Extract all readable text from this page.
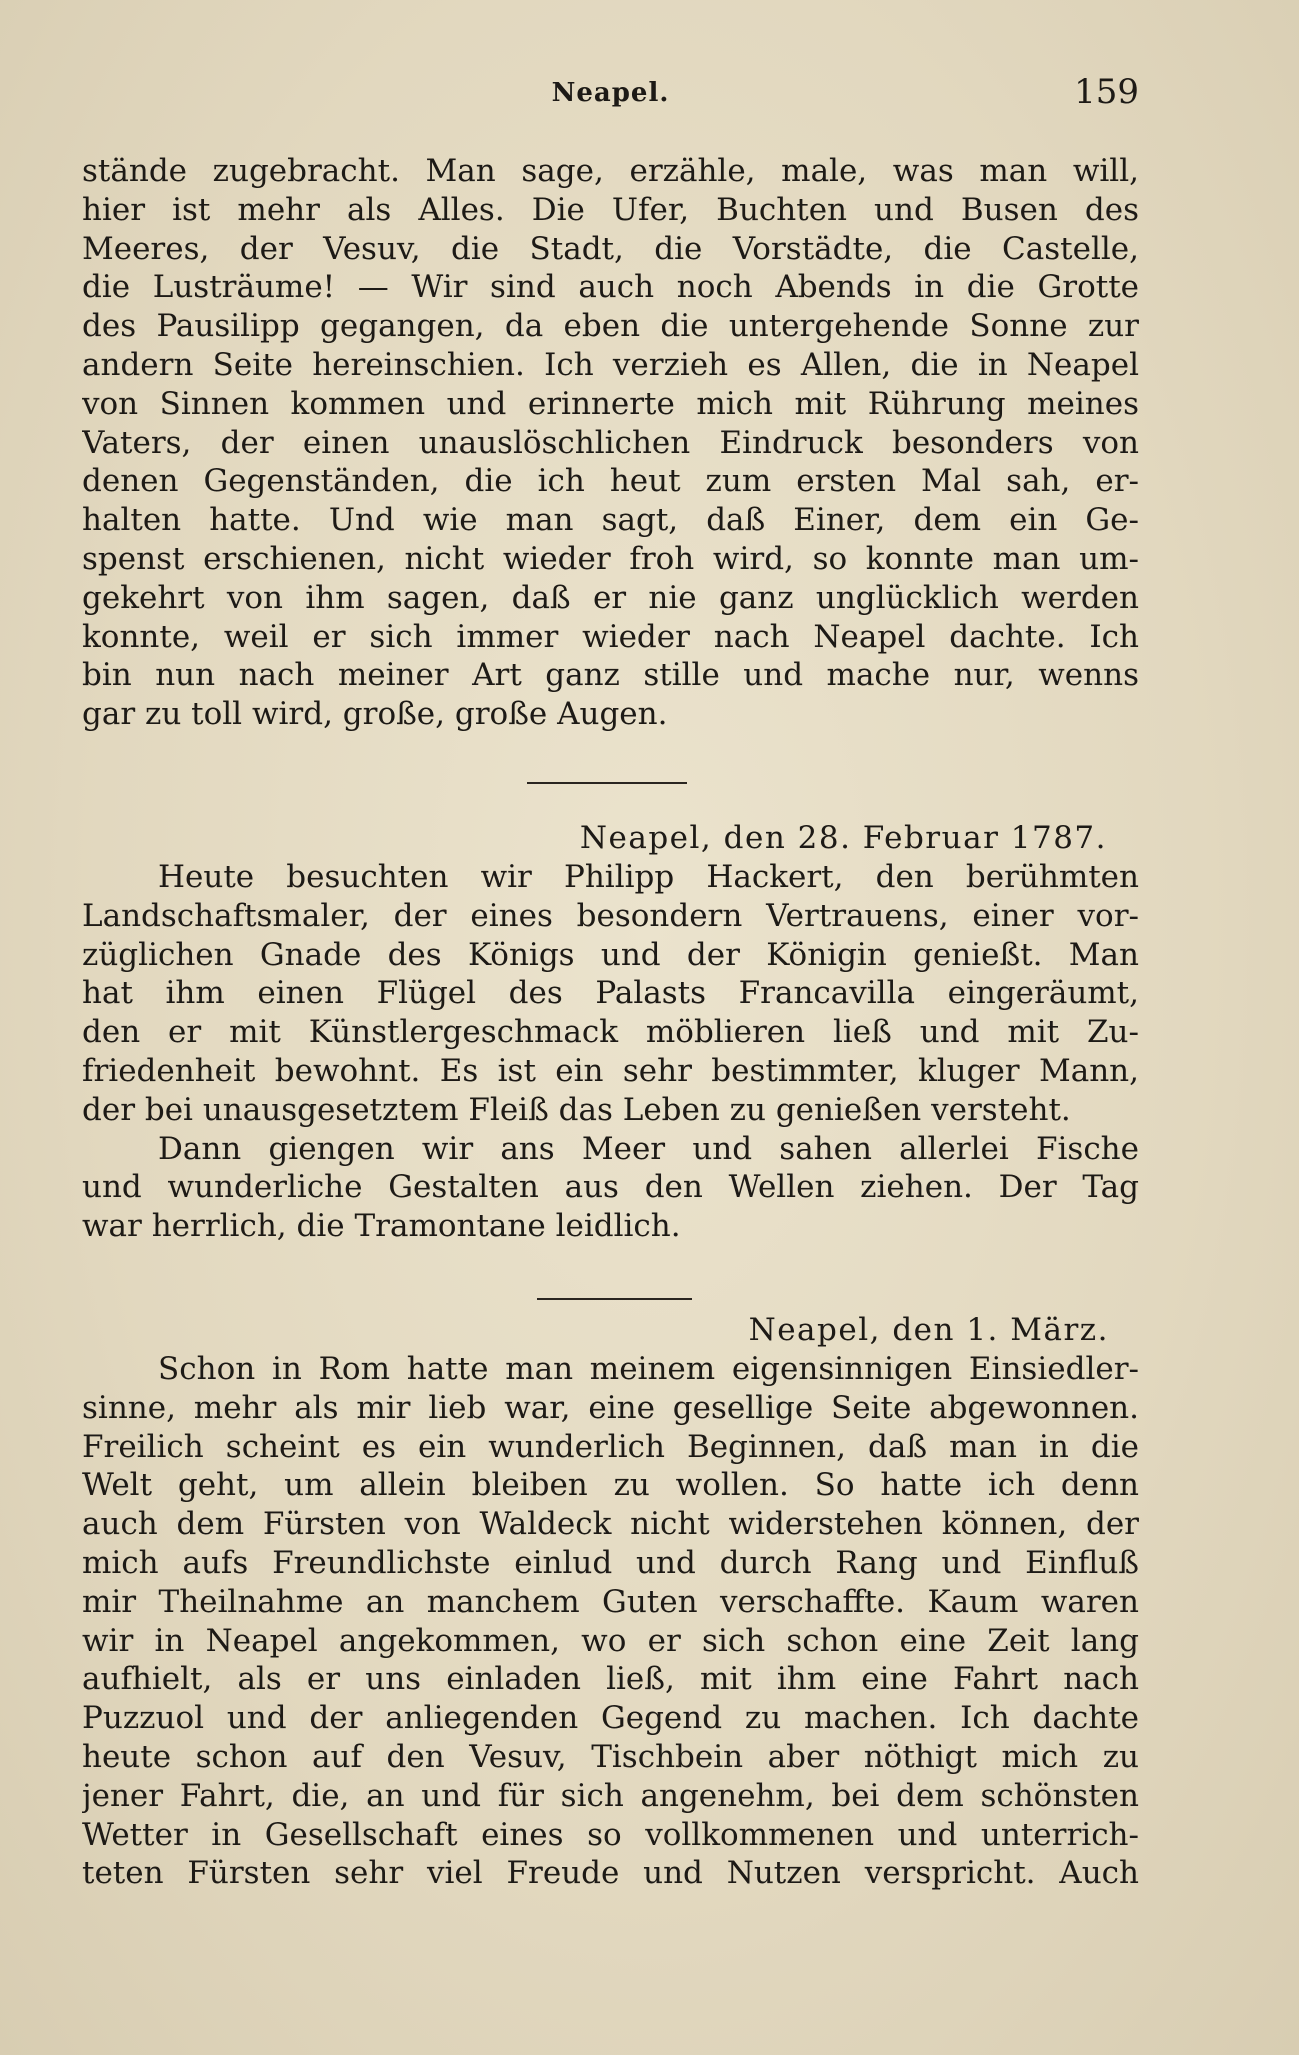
Neapel.	159
stände zugebracht. Man sage, erzähle, male, was man will,
hier ist mehr als Alles. Die Ufer, Buchten und Busen des
Meeres, der Vesuv, die Stadt, die Vorstädte, die Castelle,
die Lusträume! — Wir sind auch noch Abends in die Grotte
des Pausilipp gegangen, da eben die untergehende Sonne zur
andern Seite hereinschien. Ich verzieh es Allen, die in Neapel
von Sinnen kommen und erinnerte mich mit Rührung meines
Vaters, der einen unauslöschlichen Eindruck besonders von
denen Gegenständen, die ich heut zum ersten Mal sah, er-
halten hatte. Und wie man sagt, daß Einer, dem ein Ge-
spenst erschienen, nicht wieder froh wird, so konnte man um-
gekehrt von ihm sagen, daß er nie ganz unglücklich werden
konnte, weil er sich immer wieder nach Neapel dachte. Ich
bin nun nach meiner Art ganz stille und mache nur, wenns
gar zu toll wird, große, große Augen.
Neapel, den 28. Februar 1787.
Heute besuchten wir Philipp Hackert, den berühmten
Landschaftsmaler, der eines besondern Vertrauens, einer vor-
züglichen Gnade des Königs und der Königin genießt. Man
hat ihm einen Flügel des Palasts Francavilla eingeräumt,
den er mit Künstlergeschmack möblieren ließ und mit Zu-
friedenheit bewohnt. Es ist ein sehr bestimmter, kluger Mann,
der bei unausgesetztem Fleiß das Leben zu genießen versteht.
Dann giengen wir ans Meer und sahen allerlei Fische
und wunderliche Gestalten aus den Wellen ziehen. Der Tag
war herrlich, die Tramontane leidlich.
Neapel, den 1. März.
Schon in Rom hatte man meinem eigensinnigen Einsiedler-
sinne, mehr als mir lieb war, eine gesellige Seite abgewonnen.
Freilich scheint es ein wunderlich Beginnen, daß man in die
Welt geht, um allein bleiben zu wollen. So hatte ich denn
auch dem Fürsten von Waldeck nicht widerstehen können, der
mich aufs Freundlichste einlud und durch Rang und Einfluß
mir Theilnahme an manchem Guten verschaffte. Kaum waren
wir in Neapel angekommen, wo er sich schon eine Zeit lang
aufhielt, als er uns einladen ließ, mit ihm eine Fahrt nach
Puzzuol und der anliegenden Gegend zu machen. Ich dachte
heute schon auf den Vesuv, Tischbein aber nöthigt mich zu
jener Fahrt, die, an und für sich angenehm, bei dem schönsten
Wetter in Gesellschaft eines so vollkommenen und unterrich-
teten Fürsten sehr viel Freude und Nutzen verspricht. Auch
